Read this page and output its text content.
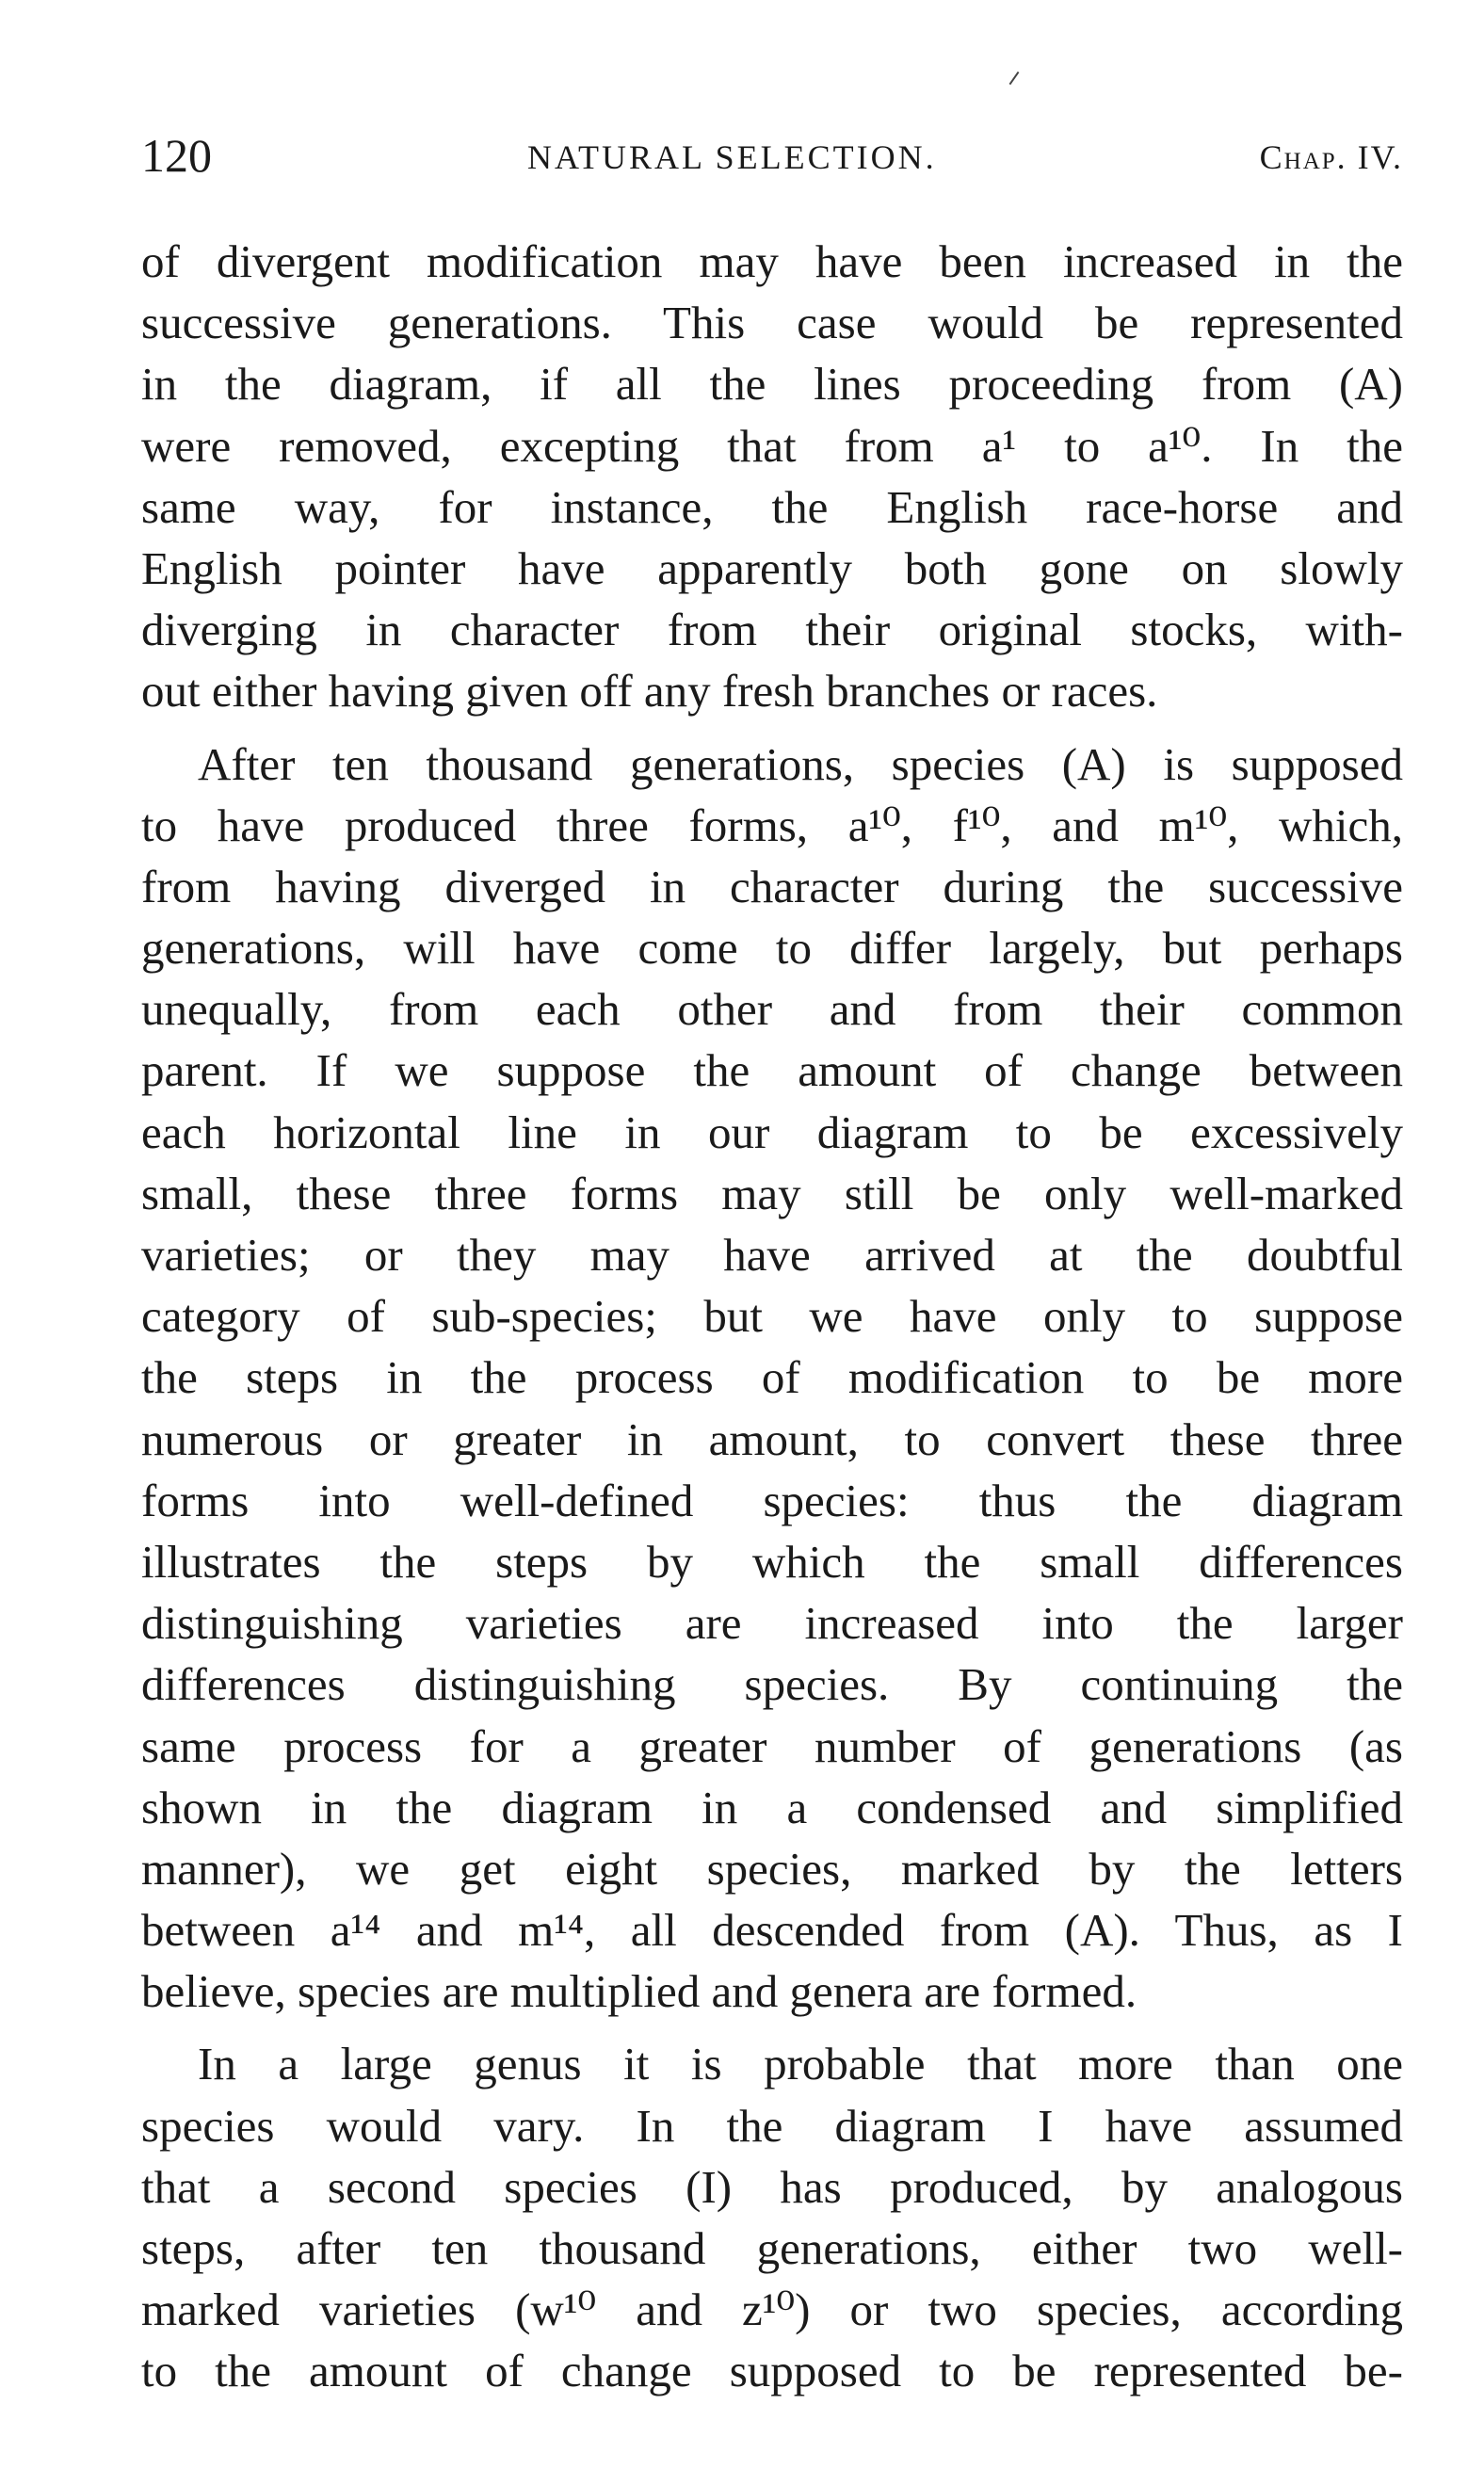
120	NATURAL SELECTION.	Chap. IV.
of divergent modification may have been increased in the
successive generations. This case would be represented
in the diagram, if all the lines proceeding from (A)
were removed, excepting that from a¹ to a¹⁰. In the
same way, for instance, the English race-horse and
English pointer have apparently both gone on slowly
diverging in character from their original stocks, with-
out either having given off any fresh branches or races.
After ten thousand generations, species (A) is supposed
to have produced three forms, a¹⁰, f¹⁰, and m¹⁰, which,
from having diverged in character during the successive
generations, will have come to differ largely, but perhaps
unequally, from each other and from their common
parent. If we suppose the amount of change between
each horizontal line in our diagram to be excessively
small, these three forms may still be only well-marked
varieties; or they may have arrived at the doubtful
category of sub-species; but we have only to suppose
the steps in the process of modification to be more
numerous or greater in amount, to convert these three
forms into well-defined species: thus the diagram
illustrates the steps by which the small differences
distinguishing varieties are increased into the larger
differences distinguishing species. By continuing the
same process for a greater number of generations (as
shown in the diagram in a condensed and simplified
manner), we get eight species, marked by the letters
between a¹⁴ and m¹⁴, all descended from (A). Thus, as I
believe, species are multiplied and genera are formed.
In a large genus it is probable that more than one
species would vary. In the diagram I have assumed
that a second species (I) has produced, by analogous
steps, after ten thousand generations, either two well-
marked varieties (w¹⁰ and z¹⁰) or two species, according
to the amount of change supposed to be represented be-
